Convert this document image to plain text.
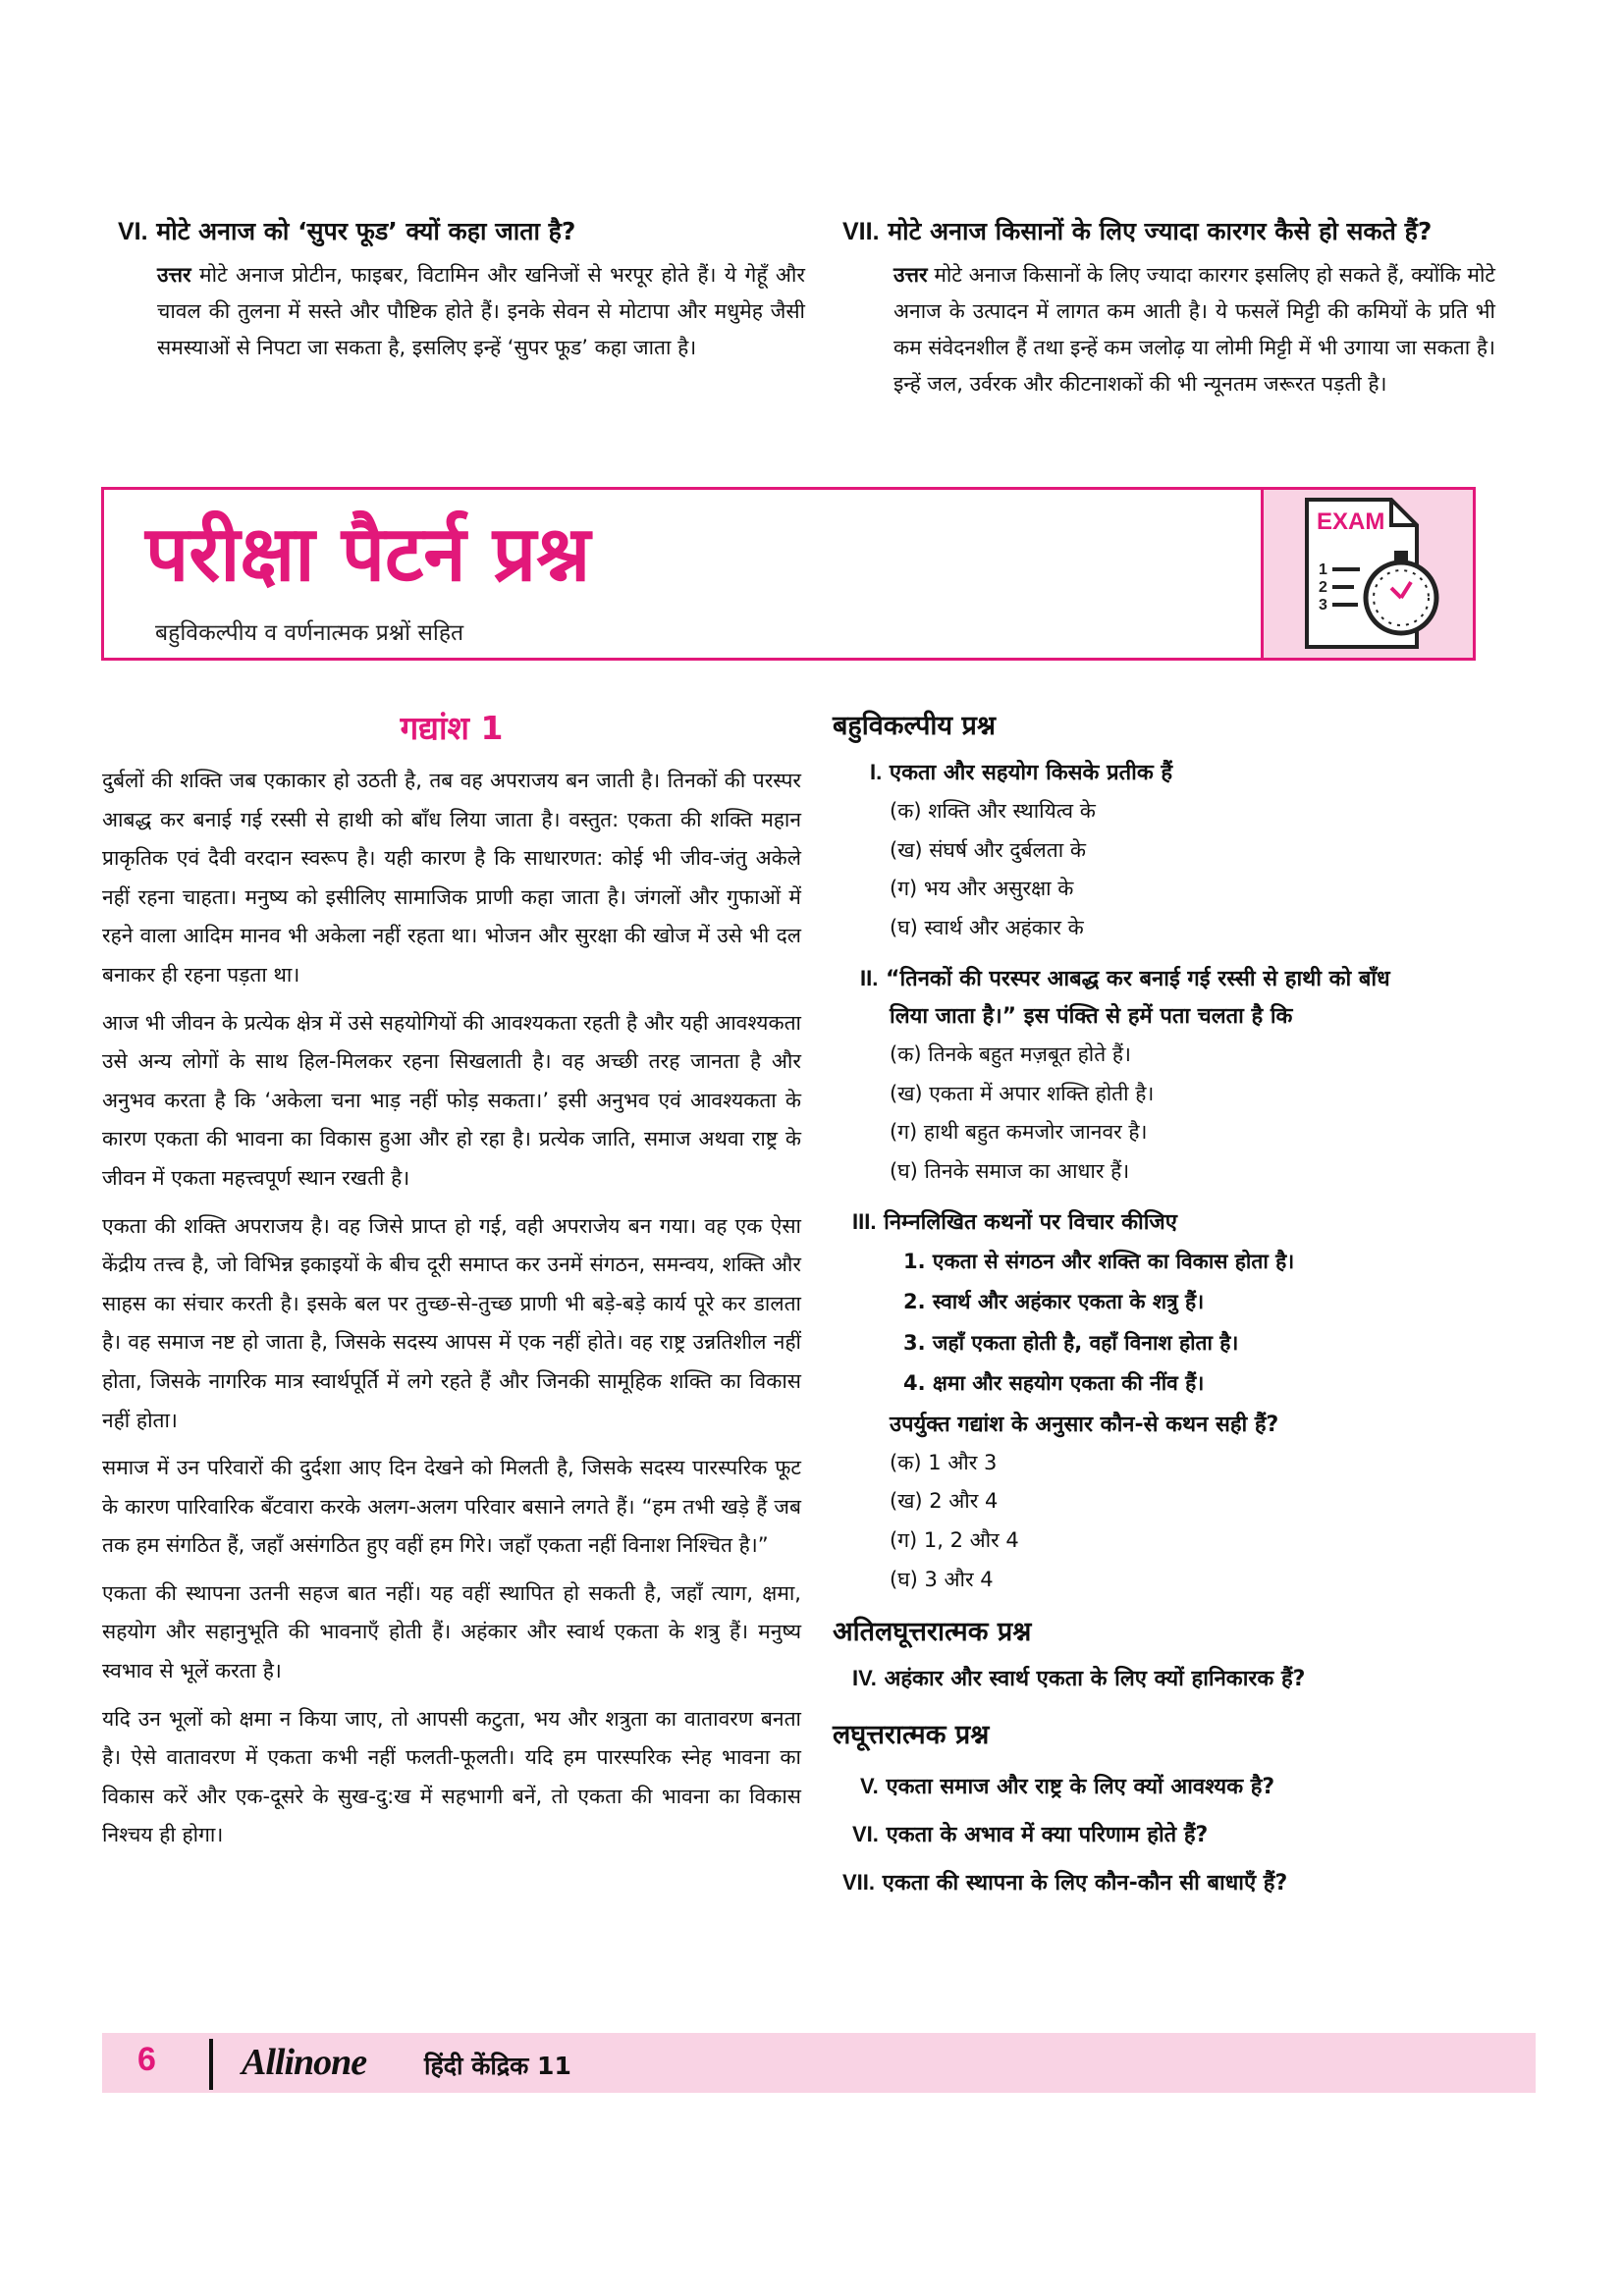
VI. मोटे अनाज को ‘सुपर फूड’ क्यों कहा जाता है?

उत्तर मोटे अनाज प्रोटीन, फाइबर, विटामिन और खनिजों से भरपूर होते हैं। ये गेहूँ और चावल की तुलना में सस्ते और पौष्टिक होते हैं। इनके सेवन से मोटापा और मधुमेह जैसी समस्याओं से निपटा जा सकता है, इसलिए इन्हें ‘सुपर फूड’ कहा जाता है।

VII. मोटे अनाज किसानों के लिए ज्यादा कारगर कैसे हो सकते हैं?

उत्तर मोटे अनाज किसानों के लिए ज्यादा कारगर इसलिए हो सकते हैं, क्योंकि मोटे अनाज के उत्पादन में लागत कम आती है। ये फसलें मिट्टी की कमियों के प्रति भी कम संवेदनशील हैं तथा इन्हें कम जलोढ़ या लोमी मिट्टी में भी उगाया जा सकता है। इन्हें जल, उर्वरक और कीटनाशकों की भी न्यूनतम जरूरत पड़ती है।

परीक्षा पैटर्न प्रश्न
बहुविकल्पीय व वर्णनात्मक प्रश्नों सहित
EXAM
1
2
3
गद्यांश 1

दुर्बलों की शक्ति जब एकाकार हो उठती है, तब वह अपराजय बन जाती है। तिनकों की परस्पर आबद्ध कर बनाई गई रस्सी से हाथी को बाँध लिया जाता है। वस्तुत: एकता की शक्ति महान प्राकृतिक एवं दैवी वरदान स्वरूप है। यही कारण है कि साधारणत: कोई भी जीव-जंतु अकेले नहीं रहना चाहता। मनुष्य को इसीलिए सामाजिक प्राणी कहा जाता है। जंगलों और गुफाओं में रहने वाला आदिम मानव भी अकेला नहीं रहता था। भोजन और सुरक्षा की खोज में उसे भी दल बनाकर ही रहना पड़ता था।

आज भी जीवन के प्रत्येक क्षेत्र में उसे सहयोगियों की आवश्यकता रहती है और यही आवश्यकता उसे अन्य लोगों के साथ हिल-मिलकर रहना सिखलाती है। वह अच्छी तरह जानता है और अनुभव करता है कि ‘अकेला चना भाड़ नहीं फोड़ सकता।’ इसी अनुभव एवं आवश्यकता के कारण एकता की भावना का विकास हुआ और हो रहा है। प्रत्येक जाति, समाज अथवा राष्ट्र के जीवन में एकता महत्त्वपूर्ण स्थान रखती है।

एकता की शक्ति अपराजय है। वह जिसे प्राप्त हो गई, वही अपराजेय बन गया। वह एक ऐसा केंद्रीय तत्त्व है, जो विभिन्न इकाइयों के बीच दूरी समाप्त कर उनमें संगठन, समन्वय, शक्ति और साहस का संचार करती है। इसके बल पर तुच्छ-से-तुच्छ प्राणी भी बड़े-बड़े कार्य पूरे कर डालता है। वह समाज नष्ट हो जाता है, जिसके सदस्य आपस में एक नहीं होते। वह राष्ट्र उन्नतिशील नहीं होता, जिसके नागरिक मात्र स्वार्थपूर्ति में लगे रहते हैं और जिनकी सामूहिक शक्ति का विकास नहीं होता।

समाज में उन परिवारों की दुर्दशा आए दिन देखने को मिलती है, जिसके सदस्य पारस्परिक फूट के कारण पारिवारिक बँटवारा करके अलग-अलग परिवार बसाने लगते हैं। “हम तभी खड़े हैं जब तक हम संगठित हैं, जहाँ असंगठित हुए वहीं हम गिरे। जहाँ एकता नहीं विनाश निश्चित है।”

एकता की स्थापना उतनी सहज बात नहीं। यह वहीं स्थापित हो सकती है, जहाँ त्याग, क्षमा, सहयोग और सहानुभूति की भावनाएँ होती हैं। अहंकार और स्वार्थ एकता के शत्रु हैं। मनुष्य स्वभाव से भूलें करता है।

यदि उन भूलों को क्षमा न किया जाए, तो आपसी कटुता, भय और शत्रुता का वातावरण बनता है। ऐसे वातावरण में एकता कभी नहीं फलती-फूलती। यदि हम पारस्परिक स्नेह भावना का विकास करें और एक-दूसरे के सुख-दु:ख में सहभागी बनें, तो एकता की भावना का विकास निश्चय ही होगा।

बहुविकल्पीय प्रश्न

I. एकता और सहयोग किसके प्रतीक हैं

(क) शक्ति और स्थायित्व के

(ख) संघर्ष और दुर्बलता के

(ग) भय और असुरक्षा के

(घ) स्वार्थ और अहंकार के

II. “तिनकों की परस्पर आबद्ध कर बनाई गई रस्सी से हाथी को बाँध

लिया जाता है।” इस पंक्ति से हमें पता चलता है कि

(क) तिनके बहुत मज़बूत होते हैं।

(ख) एकता में अपार शक्ति होती है।

(ग) हाथी बहुत कमजोर जानवर है।

(घ) तिनके समाज का आधार हैं।

III. निम्नलिखित कथनों पर विचार कीजिए

1. एकता से संगठन और शक्ति का विकास होता है।

2. स्वार्थ और अहंकार एकता के शत्रु हैं।

3. जहाँ एकता होती है, वहाँ विनाश होता है।

4. क्षमा और सहयोग एकता की नींव हैं।

उपर्युक्त गद्यांश के अनुसार कौन-से कथन सही हैं?

(क) 1 और 3

(ख) 2 और 4

(ग) 1, 2 और 4

(घ) 3 और 4

अतिलघूत्तरात्मक प्रश्न

IV. अहंकार और स्वार्थ एकता के लिए क्यों हानिकारक हैं?

लघूत्तरात्मक प्रश्न

V. एकता समाज और राष्ट्र के लिए क्यों आवश्यक है?

VI. एकता के अभाव में क्या परिणाम होते हैं?

VII. एकता की स्थापना के लिए कौन-कौन सी बाधाएँ हैं?

6 Allinone हिंदी केंद्रिक 11
